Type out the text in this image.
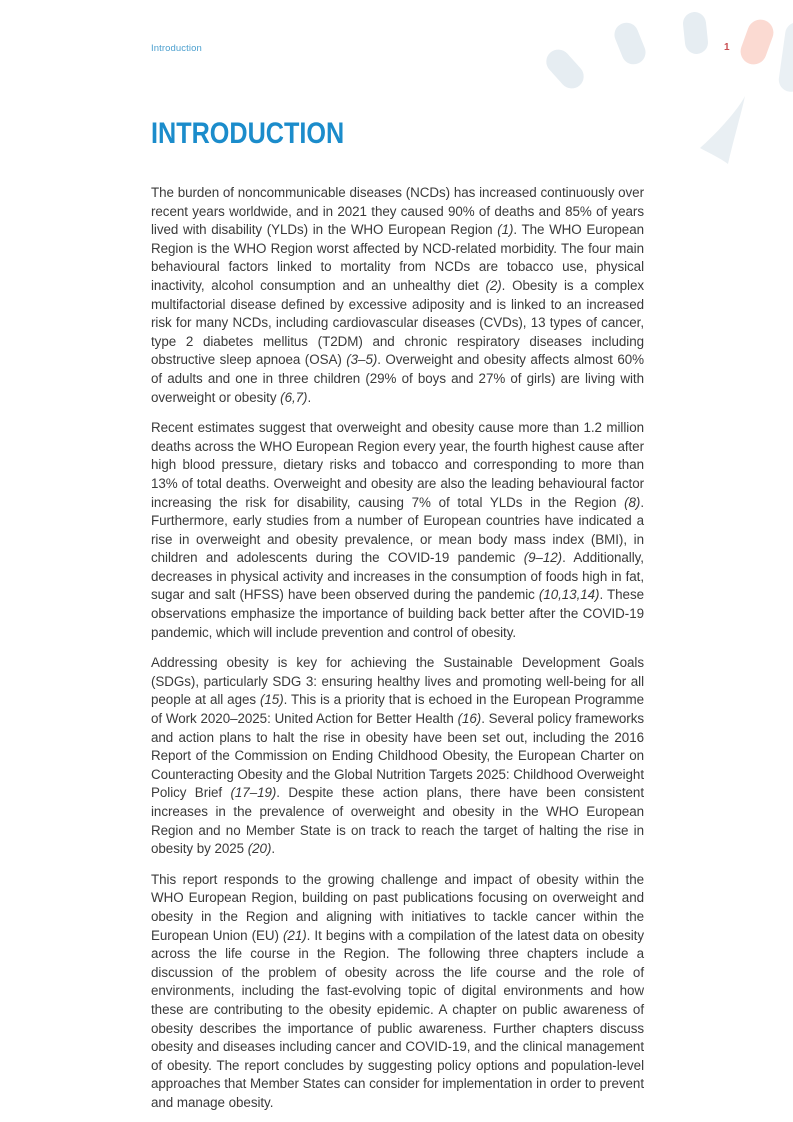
Introduction	1
INTRODUCTION

The burden of noncommunicable diseases (NCDs) has increased continuously over recent years worldwide, and in 2021 they caused 90% of deaths and 85% of years lived with disability (YLDs) in the WHO European Region (1). The WHO European Region is the WHO Region worst affected by NCD-related morbidity. The four main behavioural factors linked to mortality from NCDs are tobacco use, physical inactivity, alcohol consumption and an unhealthy diet (2). Obesity is a complex multifactorial disease defined by excessive adiposity and is linked to an increased risk for many NCDs, including cardiovascular diseases (CVDs), 13 types of cancer, type 2 diabetes mellitus (T2DM) and chronic respiratory diseases including obstructive sleep apnoea (OSA) (3–5). Overweight and obesity affects almost 60% of adults and one in three children (29% of boys and 27% of girls) are living with overweight or obesity (6,7).

Recent estimates suggest that overweight and obesity cause more than 1.2 million deaths across the WHO European Region every year, the fourth highest cause after high blood pressure, dietary risks and tobacco and corresponding to more than 13% of total deaths. Overweight and obesity are also the leading behavioural factor increasing the risk for disability, causing 7% of total YLDs in the Region (8). Furthermore, early studies from a number of European countries have indicated a rise in overweight and obesity prevalence, or mean body mass index (BMI), in children and adolescents during the COVID-19 pandemic (9–12). Additionally, decreases in physical activity and increases in the consumption of foods high in fat, sugar and salt (HFSS) have been observed during the pandemic (10,13,14). These observations emphasize the importance of building back better after the COVID-19 pandemic, which will include prevention and control of obesity.

Addressing obesity is key for achieving the Sustainable Development Goals (SDGs), particularly SDG 3: ensuring healthy lives and promoting well-being for all people at all ages (15). This is a priority that is echoed in the European Programme of Work 2020–2025: United Action for Better Health (16). Several policy frameworks and action plans to halt the rise in obesity have been set out, including the 2016 Report of the Commission on Ending Childhood Obesity, the European Charter on Counteracting Obesity and the Global Nutrition Targets 2025: Childhood Overweight Policy Brief (17–19). Despite these action plans, there have been consistent increases in the prevalence of overweight and obesity in the WHO European Region and no Member State is on track to reach the target of halting the rise in obesity by 2025 (20).

This report responds to the growing challenge and impact of obesity within the WHO European Region, building on past publications focusing on overweight and obesity in the Region and aligning with initiatives to tackle cancer within the European Union (EU) (21). It begins with a compilation of the latest data on obesity across the life course in the Region. The following three chapters include a discussion of the problem of obesity across the life course and the role of environments, including the fast-evolving topic of digital environments and how these are contributing to the obesity epidemic. A chapter on public awareness of obesity describes the importance of public awareness. Further chapters discuss obesity and diseases including cancer and COVID-19, and the clinical management of obesity. The report concludes by suggesting policy options and population-level approaches that Member States can consider for implementation in order to prevent and manage obesity.
